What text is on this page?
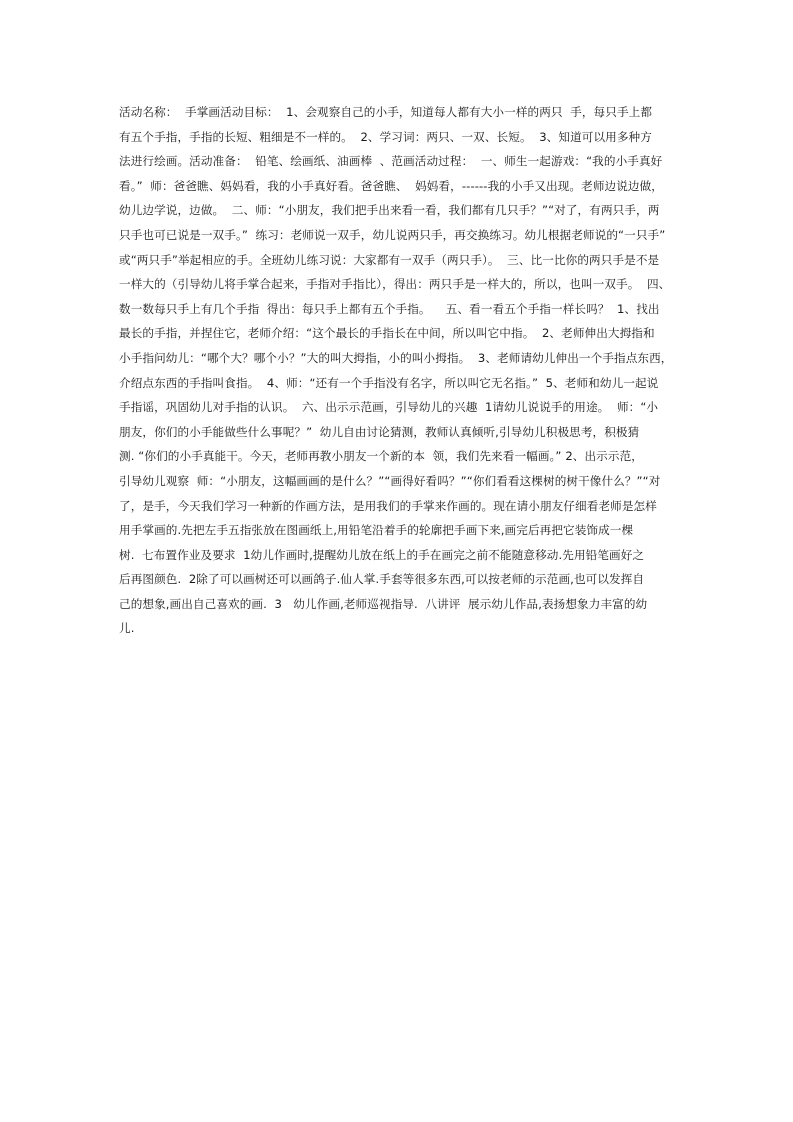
活动名称：  手掌画活动目标：  1、会观察自己的小手，知道每人都有大小一样的两只  手，每只手上都
有五个手指，手指的长短、粗细是不一样的。  2、学习词：两只、一双、长短。  3、知道可以用多种方
法进行绘画。活动准备：  铅笔、绘画纸、油画棒  、范画活动过程：  一、师生一起游戏：“我的小手真好
看。”  师：爸爸瞧、妈妈看，我的小手真好看。爸爸瞧、  妈妈看，------我的小手又出现。老师边说边做，
幼儿边学说，边做。  二、师：“小朋友，我们把手出来看一看，我们都有几只手？”“对了，有两只手，两
只手也可已说是一双手。”  练习：老师说一双手，幼儿说两只手，再交换练习。幼儿根据老师说的“一只手”
或“两只手”举起相应的手。全班幼儿练习说：大家都有一双手（两只手）。  三、比一比你的两只手是不是
一样大的（引导幼儿将手掌合起来，手指对手指比），得出：两只手是一样大的，所以，也叫一双手。  四、
数一数每只手上有几个手指  得出：每只手上都有五个手指。    五、看一看五个手指一样长吗？  1、找出
最长的手指，并捏住它，老师介绍：“这个最长的手指长在中间，所以叫它中指。  2、老师伸出大拇指和
小手指问幼儿：“哪个大？哪个小？”大的叫大拇指，小的叫小拇指。  3、老师请幼儿伸出一个手指点东西，
介绍点东西的手指叫食指。  4、师：“还有一个手指没有名字，所以叫它无名指。”  5、老师和幼儿一起说
手指谣，巩固幼儿对手指的认识。  六、出示示范画，引导幼儿的兴趣  1请幼儿说说手的用途。  师：“小
朋友，你们的小手能做些什么事呢？”  幼儿自由讨论猜测，教师认真倾听,引导幼儿积极思考，积极猜
测. “你们的小手真能干。今天，老师再教小朋友一个新的本  领，我们先来看一幅画。” 2、出示示范，
引导幼儿观察  师：“小朋友，这幅画画的是什么？”“画得好看吗？”“你们看看这棵树的树干像什么？”“对
了，是手，今天我们学习一种新的作画方法，是用我们的手掌来作画的。现在请小朋友仔细看老师是怎样
用手掌画的.先把左手五指张放在图画纸上,用铅笔沿着手的轮廓把手画下来,画完后再把它装饰成一棵
树.  七布置作业及要求  1幼儿作画时,提醒幼儿放在纸上的手在画完之前不能随意移动.先用铅笔画好之
后再图颜色.  2除了可以画树还可以画鸽子.仙人掌.手套等很多东西,可以按老师的示范画,也可以发挥自
己的想象,画出自己喜欢的画.  3   幼儿作画,老师巡视指导.  八讲评  展示幼儿作品,表扬想象力丰富的幼
儿.
